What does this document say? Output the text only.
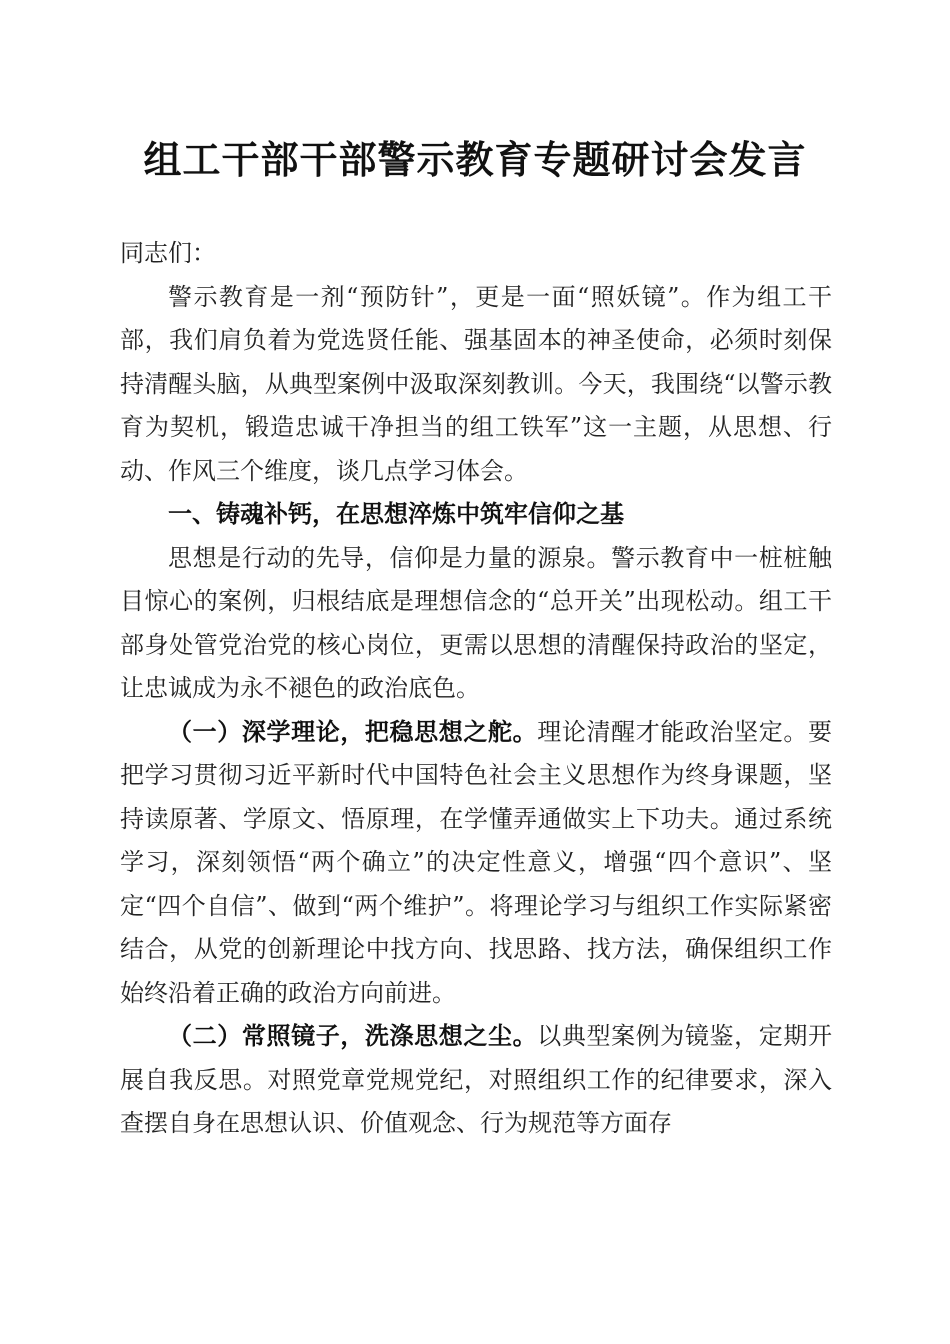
组工干部干部警示教育专题研讨会发言

同志们：

警示教育是一剂“预防针”，更是一面“照妖镜”。作为组工干部，我们肩负着为党选贤任能、强基固本的神圣使命，必须时刻保持清醒头脑，从典型案例中汲取深刻教训。今天，我围绕“以警示教育为契机，锻造忠诚干净担当的组工铁军”这一主题，从思想、行动、作风三个维度，谈几点学习体会。

一、铸魂补钙，在思想淬炼中筑牢信仰之基

思想是行动的先导，信仰是力量的源泉。警示教育中一桩桩触目惊心的案例，归根结底是理想信念的“总开关”出现松动。组工干部身处管党治党的核心岗位，更需以思想的清醒保持政治的坚定，让忠诚成为永不褪色的政治底色。

（一）深学理论，把稳思想之舵。理论清醒才能政治坚定。要把学习贯彻习近平新时代中国特色社会主义思想作为终身课题，坚持读原著、学原文、悟原理，在学懂弄通做实上下功夫。通过系统学习，深刻领悟“两个确立”的决定性意义，增强“四个意识”、坚定“四个自信”、做到“两个维护”。将理论学习与组织工作实际紧密结合，从党的创新理论中找方向、找思路、找方法，确保组织工作始终沿着正确的政治方向前进。

（二）常照镜子，洗涤思想之尘。以典型案例为镜鉴，定期开展自我反思。对照党章党规党纪，对照组织工作的纪律要求，深入查摆自身在思想认识、价值观念、行为规范等方面存
